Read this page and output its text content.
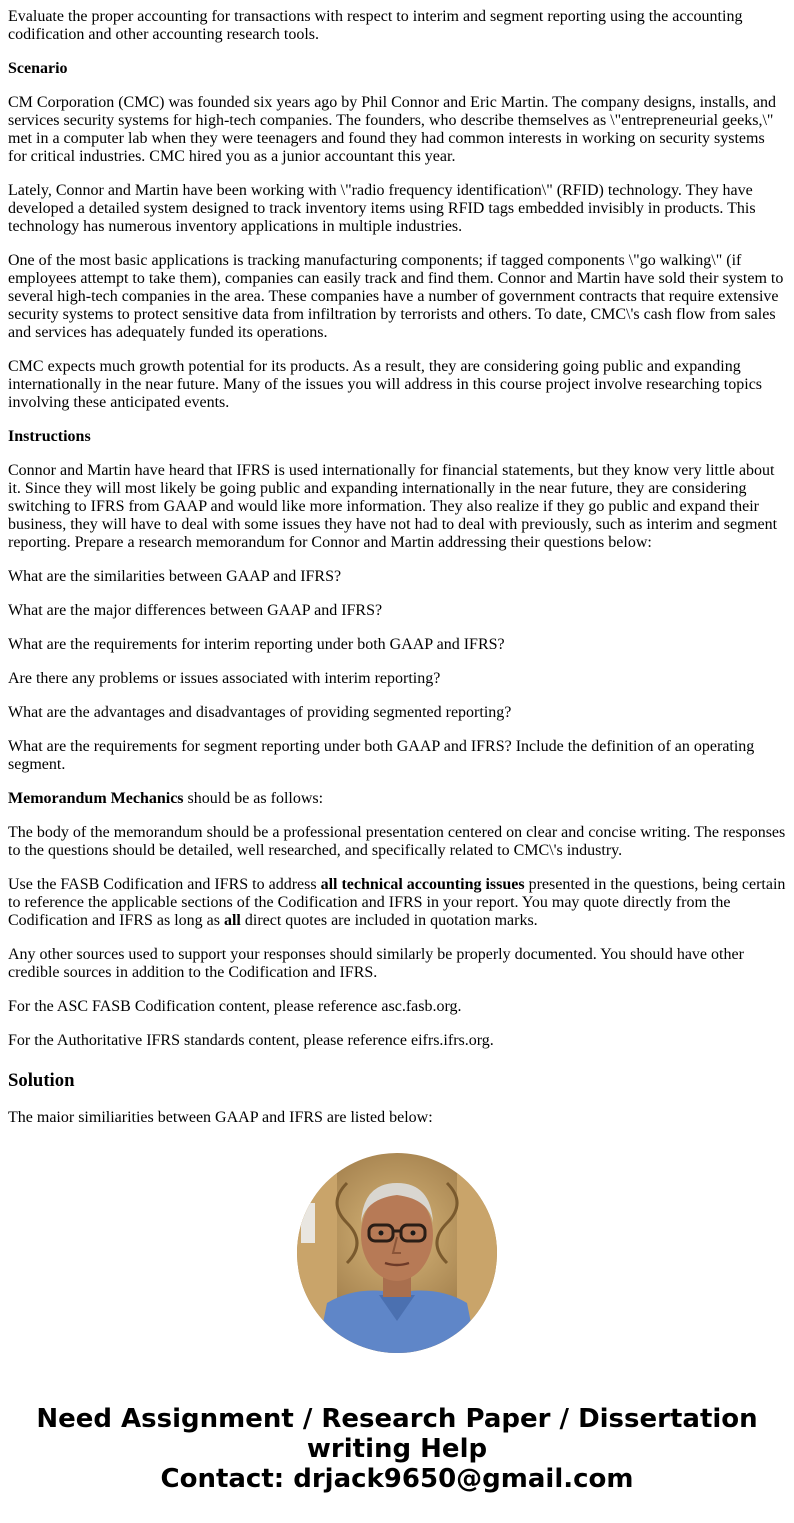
Evaluate the proper accounting for transactions with respect to interim and segment reporting using the accounting codification and other accounting research tools.

Scenario

CM Corporation (CMC) was founded six years ago by Phil Connor and Eric Martin. The company designs, installs, and services security systems for high-tech companies. The founders, who describe themselves as \"entrepreneurial geeks,\" met in a computer lab when they were teenagers and found they had common interests in working on security systems for critical industries. CMC hired you as a junior accountant this year.

Lately, Connor and Martin have been working with \"radio frequency identification\" (RFID) technology. They have developed a detailed system designed to track inventory items using RFID tags embedded invisibly in products. This technology has numerous inventory applications in multiple industries.

One of the most basic applications is tracking manufacturing components; if tagged components \"go walking\" (if employees attempt to take them), companies can easily track and find them. Connor and Martin have sold their system to several high-tech companies in the area. These companies have a number of government contracts that require extensive security systems to protect sensitive data from infiltration by terrorists and others. To date, CMC\'s cash flow from sales and services has adequately funded its operations.

CMC expects much growth potential for its products. As a result, they are considering going public and expanding internationally in the near future. Many of the issues you will address in this course project involve researching topics involving these anticipated events.

Instructions

Connor and Martin have heard that IFRS is used internationally for financial statements, but they know very little about it. Since they will most likely be going public and expanding internationally in the near future, they are considering switching to IFRS from GAAP and would like more information. They also realize if they go public and expand their business, they will have to deal with some issues they have not had to deal with previously, such as interim and segment reporting. Prepare a research memorandum for Connor and Martin addressing their questions below:

What are the similarities between GAAP and IFRS?

What are the major differences between GAAP and IFRS?

What are the requirements for interim reporting under both GAAP and IFRS?

Are there any problems or issues associated with interim reporting?

What are the advantages and disadvantages of providing segmented reporting?

What are the requirements for segment reporting under both GAAP and IFRS? Include the definition of an operating segment.

Memorandum Mechanics should be as follows:

The body of the memorandum should be a professional presentation centered on clear and concise writing. The responses to the questions should be detailed, well researched, and specifically related to CMC\'s industry.

Use the FASB Codification and IFRS to address all technical accounting issues presented in the questions, being certain to reference the applicable sections of the Codification and IFRS in your report. You may quote directly from the Codification and IFRS as long as all direct quotes are included in quotation marks.

Any other sources used to support your responses should similarly be properly documented. You should have other credible sources in addition to the Codification and IFRS.

For the ASC FASB Codification content, please reference asc.fasb.org.

For the Authoritative IFRS standards content, please reference eifrs.ifrs.org.

Solution

The maior similiarities between GAAP and IFRS are listed below:

Need Assignment / Research Paper / Dissertation
writing Help
Contact: drjack9650@gmail.com
